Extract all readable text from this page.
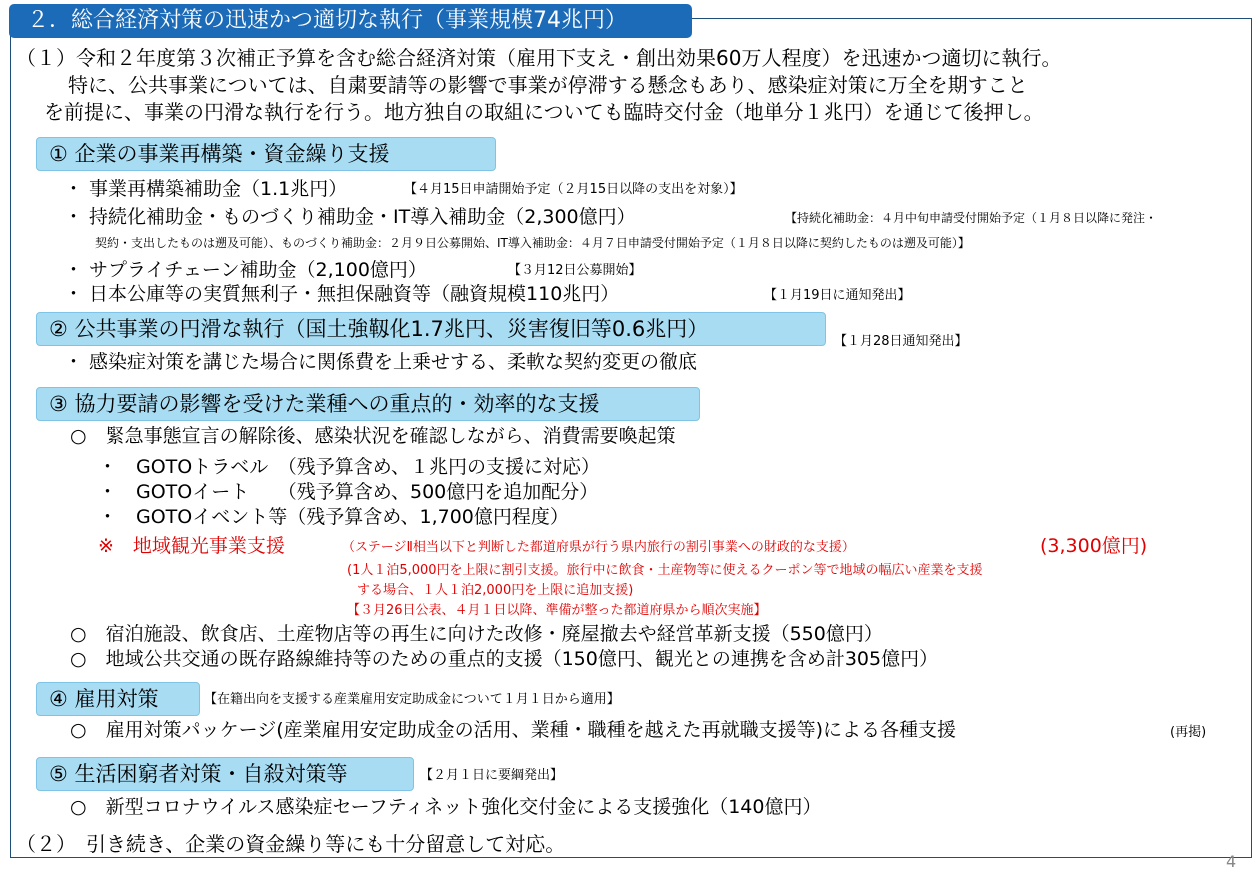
２．総合経済対策の迅速かつ適切な執行（事業規模74兆円）
（１）令和２年度第３次補正予算を含む総合経済対策（雇用下支え・創出効果60万人程度）を迅速かつ適切に執行。
特に、公共事業については、自粛要請等の影響で事業が停滞する懸念もあり、感染症対策に万全を期すこと
を前提に、事業の円滑な執行を行う。地方独自の取組についても臨時交付金（地単分１兆円）を通じて後押し。
① 企業の事業再構築・資金繰り支援
・ 事業再構築補助金（1.1兆円）	【４月15日申請開始予定（２月15日以降の支出を対象）】
・ 持続化補助金・ものづくり補助金・IT導入補助金（2,300億円）	【持続化補助金：４月中旬申請受付開始予定（１月８日以降に発注・
契約・支出したものは遡及可能）、ものづくり補助金：２月９日公募開始、IT導入補助金：４月７日申請受付開始予定（１月８日以降に契約したものは遡及可能）】
・ サプライチェーン補助金（2,100億円）	【３月12日公募開始】
・ 日本公庫等の実質無利子・無担保融資等（融資規模110兆円）	【１月19日に通知発出】
② 公共事業の円滑な執行（国土強靱化1.7兆円、災害復旧等0.6兆円）
【１月28日通知発出】
・ 感染症対策を講じた場合に関係費を上乗せする、柔軟な契約変更の徹底
③ 協力要請の影響を受けた業種への重点的・効率的な支援
○　緊急事態宣言の解除後、感染状況を確認しながら、消費需要喚起策
・　GOTOトラベル　（残予算含め、１兆円の支援に対応）
・　GOTOイート　　（残予算含め、500億円を追加配分）
・　GOTOイベント等（残予算含め、1,700億円程度）
※　地域観光事業支援	（ステージⅡ相当以下と判断した都道府県が行う県内旅行の割引事業への財政的な支援）	(3,300億円)
(1人１泊5,000円を上限に割引支援。旅行中に飲食・土産物等に使えるクーポン等で地域の幅広い産業を支援
する場合、１人１泊2,000円を上限に追加支援)
【３月26日公表、４月１日以降、準備が整った都道府県から順次実施】
○　宿泊施設、飲食店、土産物店等の再生に向けた改修・廃屋撤去や経営革新支援（550億円）
○　地域公共交通の既存路線維持等のための重点的支援（150億円、観光との連携を含め計305億円）
④ 雇用対策	【在籍出向を支援する産業雇用安定助成金について１月１日から適用】
○　雇用対策パッケージ(産業雇用安定助成金の活用、業種・職種を越えた再就職支援等)による各種支援	(再掲)
⑤ 生活困窮者対策・自殺対策等	【２月１日に要綱発出】
○　新型コロナウイルス感染症セーフティネット強化交付金による支援強化（140億円）
（２）　引き続き、企業の資金繰り等にも十分留意して対応。
4
